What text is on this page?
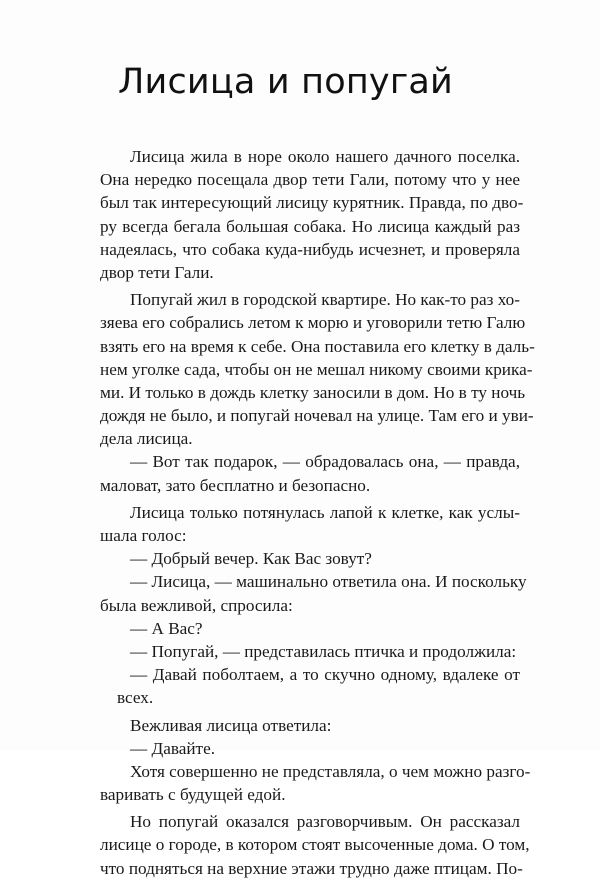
Лисица и попугай
Лисица жила в норе около нашего дачного поселка.
Она нередко посещала двор тети Гали, потому что у нее
был так интересующий лисицу курятник. Правда, по дво-
ру всегда бегала большая собака. Но лисица каждый раз
надеялась, что собака куда-нибудь исчезнет, и проверяла
двор тети Гали.
Попугай жил в городской квартире. Но как-то раз хо-
зяева его собрались летом к морю и уговорили тетю Галю
взять его на время к себе. Она поставила его клетку в даль-
нем уголке сада, чтобы он не мешал никому своими крика-
ми. И только в дождь клетку заносили в дом. Но в ту ночь
дождя не было, и попугай ночевал на улице. Там его и уви-
дела лисица.
— Вот так подарок, — обрадовалась она, — правда,
маловат, зато бесплатно и безопасно.
Лисица только потянулась лапой к клетке, как услы-
шала голос:
— Добрый вечер. Как Вас зовут?
— Лисица, — машинально ответила она. И поскольку
была вежливой, спросила:
— А Вас?
— Попугай, — представилась птичка и продолжила:
— Давай поболтаем, а то скучно одному, вдалеке от
всех.
Вежливая лисица ответила:
— Давайте.
Хотя совершенно не представляла, о чем можно разго-
варивать с будущей едой.
Но попугай оказался разговорчивым. Он рассказал
лисице о городе, в котором стоят высоченные дома. О том,
что подняться на верхние этажи трудно даже птицам. По-
